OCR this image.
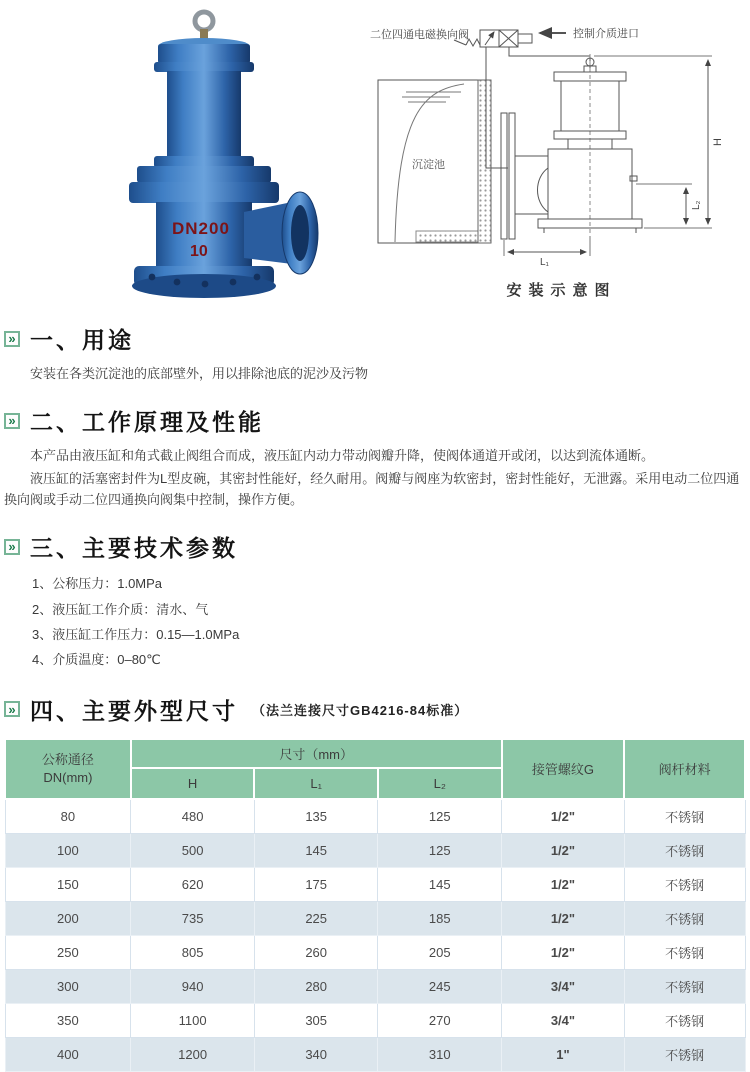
DN200
10
二位四通电磁换向阀	控制介质进口
沉淀池
H
L₂
L₁
安装示意图
» 一、用途

安装在各类沉淀池的底部壁外，用以排除池底的泥沙及污物

» 二、工作原理及性能

本产品由液压缸和角式截止阀组合而成，液压缸内动力带动阀瓣升降，使阀体通道开或闭，以达到流体通断。

液压缸的活塞密封件为L型皮碗，其密封性能好，经久耐用。阀瓣与阀座为软密封，密封性能好，无泄露。采用电动二位四通换向阀或手动二位四通换向阀集中控制，操作方便。

» 三、主要技术参数
1、公称压力：1.0MPa
2、液压缸工作介质：清水、气
3、液压缸工作压力：0.15—1.0MPa
4、介质温度：0–80℃
» 四、主要外型尺寸 （法兰连接尺寸GB4216-84标准）
公称通径
DN(mm)	尺寸（mm）			接管螺纹G	阀杆材料
	H	L₁	L₂		
80	480	135	125	1/2"	不锈钢
100	500	145	125	1/2"	不锈钢
150	620	175	145	1/2"	不锈钢
200	735	225	185	1/2"	不锈钢
250	805	260	205	1/2"	不锈钢
300	940	280	245	3/4"	不锈钢
350	1100	305	270	3/4"	不锈钢
400	1200	340	310	1"	不锈钢
